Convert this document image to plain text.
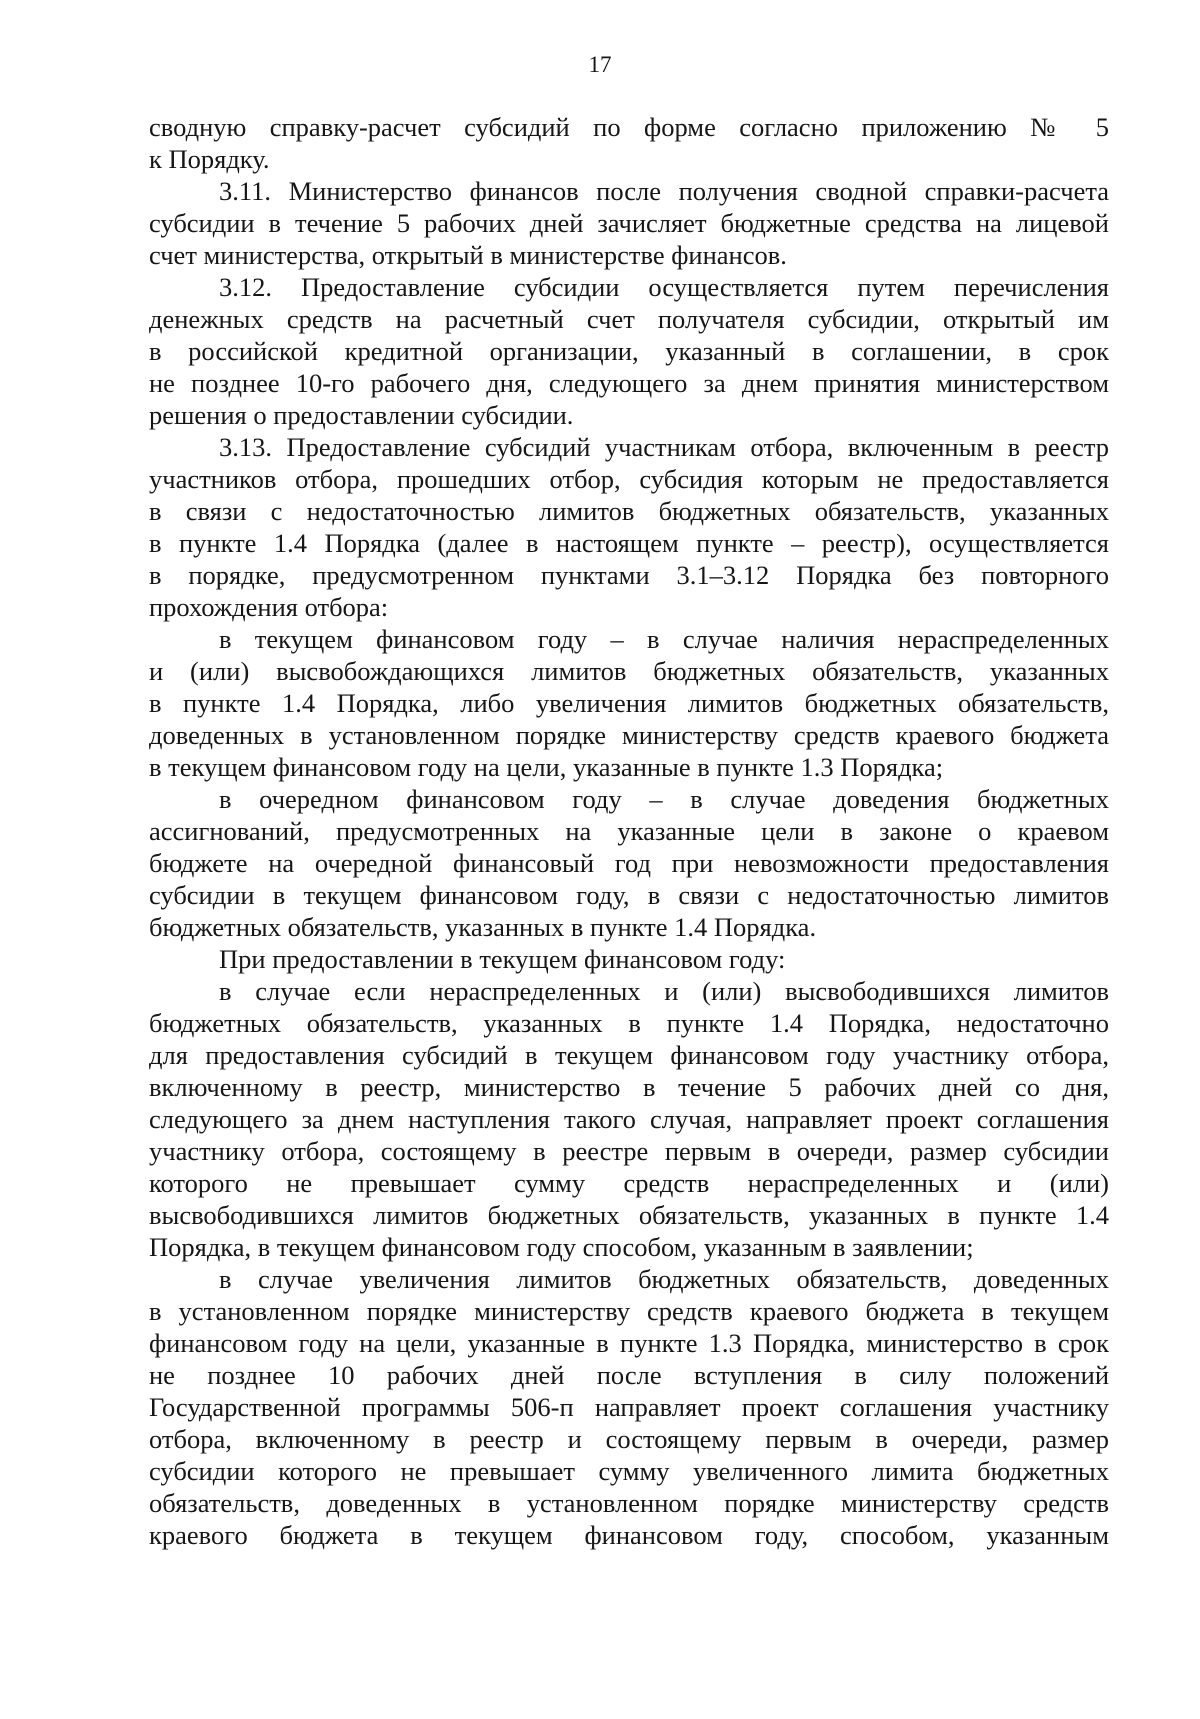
17
сводную справку-расчет субсидий по форме согласно приложению № 5
к Порядку.
3.11. Министерство финансов после получения сводной справки-расчета
субсидии в течение 5 рабочих дней зачисляет бюджетные средства на лицевой
счет министерства, открытый в министерстве финансов.
3.12. Предоставление субсидии осуществляется путем перечисления
денежных средств на расчетный счет получателя субсидии, открытый им
в российской кредитной организации, указанный в соглашении, в срок
не позднее 10-го рабочего дня, следующего за днем принятия министерством
решения о предоставлении субсидии.
3.13. Предоставление субсидий участникам отбора, включенным в реестр
участников отбора, прошедших отбор, субсидия которым не предоставляется
в связи с недостаточностью лимитов бюджетных обязательств, указанных
в пункте 1.4 Порядка (далее в настоящем пункте – реестр), осуществляется
в порядке, предусмотренном пунктами 3.1–3.12 Порядка без повторного
прохождения отбора:
в текущем финансовом году – в случае наличия нераспределенных
и (или) высвобождающихся лимитов бюджетных обязательств, указанных
в пункте 1.4 Порядка, либо увеличения лимитов бюджетных обязательств,
доведенных в установленном порядке министерству средств краевого бюджета
в текущем финансовом году на цели, указанные в пункте 1.3 Порядка;
в очередном финансовом году – в случае доведения бюджетных
ассигнований, предусмотренных на указанные цели в законе о краевом
бюджете на очередной финансовый год при невозможности предоставления
субсидии в текущем финансовом году, в связи с недостаточностью лимитов
бюджетных обязательств, указанных в пункте 1.4 Порядка.
При предоставлении в текущем финансовом году:
в случае если нераспределенных и (или) высвободившихся лимитов
бюджетных обязательств, указанных в пункте 1.4 Порядка, недостаточно
для предоставления субсидий в текущем финансовом году участнику отбора,
включенному в реестр, министерство в течение 5 рабочих дней со дня,
следующего за днем наступления такого случая, направляет проект соглашения
участнику отбора, состоящему в реестре первым в очереди, размер субсидии
которого не превышает сумму средств нераспределенных и (или)
высвободившихся лимитов бюджетных обязательств, указанных в пункте 1.4
Порядка, в текущем финансовом году способом, указанным в заявлении;
в случае увеличения лимитов бюджетных обязательств, доведенных
в установленном порядке министерству средств краевого бюджета в текущем
финансовом году на цели, указанные в пункте 1.3 Порядка, министерство в срок
не позднее 10 рабочих дней после вступления в силу положений
Государственной программы 506-п направляет проект соглашения участнику
отбора, включенному в реестр и состоящему первым в очереди, размер
субсидии которого не превышает сумму увеличенного лимита бюджетных
обязательств, доведенных в установленном порядке министерству средств
краевого бюджета в текущем финансовом году, способом, указанным
